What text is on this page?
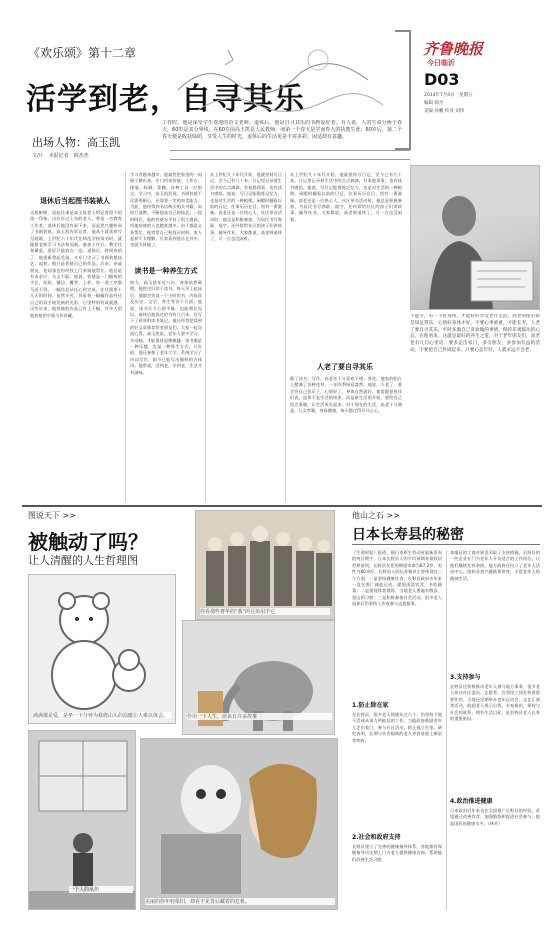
《欢乐颂》第十二章
活学到老，自寻其乐
齐鲁晚报
今日临沂
D03
2014年7月4日　星期五
编辑 韩杰
美编 孙鹏 校对 刘伟
出场人物：高玉凯
文/片　本报记者　韩杰杰
工作时，他是深受学生欢迎的语文老师；退休后，他是自寻其乐的书画爱好者。有人说，人的生命分两个春天，60岁是其分界线。在60岁前高玉凯是人民教师，而第一个春天是学而育人的执教生涯；60岁后，第二个春天便是收获绿荫，享受人生的时光，退休后的生活更是丰富多彩，闲适却有意趣。
退休后当起图书装裱人
文质彬彬，说起往事是高玉凯老人给记者留下的第一印象。这位年过七旬的老人，曾是一名教育工作者，退休后他没有闲下来，而是把兴趣转向了书画装裱。高玉凯告诉记者，他从小就喜欢写写画画，上世纪六十年代在师范学校读书时，就跟着老师学习书法和国画。参加工作后，教学任务繁重，爱好只能放在一边。退休后，时间充裕了，他重新拿起毛笔，又专门学习了书画装裱技艺。起初，他只是装裱自己的作品，后来，亲戚朋友、老同事也纷纷找上门来请他帮忙。他总是有求必应，分文不取。他说，装裱是一门细致的手艺，托纸、镶边、覆背、上杆，每一道工序都马虎不得。一幅作品从托心到完成，往往需要十几天的时间。虽然辛苦，但看着一幅幅作品经过自己的双手焕发新的光彩，心里特别有成就感。这些年来，他装裱的作品已有上千幅，许多人把他装裱的字画当作珍藏。
学习者越来越多，他索性把家里的一间屋子腾出来，专门用来装裱。工作台、排笔、棕刷、浆糊，各种工具一应俱全。学习中，高玉凯发现，书画装裱不仅需要耐心，还需要一定的审美能力。为此，他经常到书店购买相关书籍，向同行请教，不断提高自己的技艺。一段时间后，他的装裱水平有了很大提高，找他装裱的人也越来越多。由于都是义务帮忙，他常常自己贴钱买材料。家人起初不太理解，后来看到他乐在其中，也就支持他了。
读书是一种养生方式
如今，高玉凯年近八旬，身体依然硬朗，他把这归功于读书。每天早上起床后，他都会先读一个小时的书，内容涉及历史、文学、养生等各个方面。他说，读书让人心情平静，也能增长见识。退休后他读过的书有几百本，还写下了厚厚的读书笔记。他还经常把读到的好文章推荐给老朋友们，大家一起交流心得。高玉凯说，老年人要多学习，多动脑，才能保持思维敏捷。读书既是一种乐趣，也是一种养生方式。几年前，他还参加了老年大学，系统学习了诗词写作，如今已能写出像样的古体诗。他常说，活到老，学到老，生活才有滋味。
从上世纪九十年代开始，他就坚持写日记，至今已有几十本。日记里记录着生活中的点点滴滴，有家庭琐事，也有读书感悟。他说，写日记能锻炼记忆力，也是对生活的一种梳理。闲暇时翻看以前的日记，往事历历在目，别有一番滋味。高老还是一位热心人，社区举办活动时，他总是积极参加，为居民书写春联、福字，还经常给社区的孩子们讲故事，辅导作业。大家都说，高老师退休了，可一点也没闲着。
人老了要自寻其乐
除了读书、写作，高老还十分喜欢下棋、养花。他家的阳台上摆满了各种花草，一年四季绿意盎然。他说，人老了，要学会自己找乐子，心情好了，身体自然就好。他常跟老伙伴们说，退休不是生活的结束，而是新生活的开始，要给自己找点事做，让生活充实起来。对于现在的生活，高老十分满意，儿女孝顺，身体健康，每天都过得开开心心。
从上世纪九十年代开始，他就坚持写日记，至今已有几十本。日记里记录着生活中的点点滴滴，有家庭琐事，也有读书感悟。他说，写日记能锻炼记忆力，也是对生活的一种梳理。闲暇时翻看以前的日记，往事历历在目，别有一番滋味。高老还是一位热心人，社区举办活动时，他总是积极参加，为居民书写春联、福字，还经常给社区的孩子们讲故事，辅导作业。大家都说，高老师退休了，可一点也没闲着。
不能少，有一个好身体，才能好好享受老年生活。高老的座右铭是知足常乐，心情好身体才好，不要心事重重，才能长寿。人老了要自寻其乐，平时多做自己喜欢做的事情，保持乐观豁达的心态，在他看来，这就是最好的养生之道。对于老年朋友们，高老也有几句心里话：要多走出家门，多交朋友，多参加有益的活动，不要把自己封闭起来。只要心态年轻，人就永远不会老。
图说天下 >>
被触动了吗？
让人清醒的人生哲理图
你看那些奢华的“我”的兄弟用手它
满满都是爱，是坐一下分钟为我爬山头的温暖让人难以体会。	作用一下人生，应该有许多故事
一个人的承担
美丽的你年轻依旧，却看不见背后藏着的危机。
他山之石 >>
日本长寿县的秘密
《生命时报》报道，据日本厚生劳动省最新发布的统计数字，日本长野县人的平均预期寿命跃居世界前列，长野县女性的期望寿命为87.2岁，男性为80.9岁。长野县人的长寿秘诀主要体现在三个方面：一是坚持健康饮食，长野县政府多年来一直在推广减盐运动，提倡清淡饮食，多吃蔬菜；二是重视体育锻炼，当地老人普遍有散步、登山的习惯；三是积极参加社会活动，很多老人退休后仍坚持工作或参与志愿服务。
1.防止除在家
在长野县，很多老人即使年过八十，仍坚持下地干活或从事力所能及的工作。当地政府鼓励老年人走出家门，参与社区活动，防止孤立在家。研究表明，长期与社会隔离的老人更容易患上痴呆等疾病。
2.社会和政府支持
长野县建立了完善的健康指导体系，各地都有保健指导员定期上门为老人提供健康咨询，帮助他们改善生活习惯。
效地区的工商业界也采取了支持措施。长野县的一些企业专门为老年人开设适合的工作岗位，让他们继续发挥余热。地方政府还设立了老年人活动中心，组织各类兴趣班和讲座，丰富老年人的精神生活。
3.支持参与
长野县还积极推动老年人参与地方事务，很多老人担任社区委员、志愿者，在邻里之间发挥着重要作用。当地还定期举办老年运动会、文艺汇演等活动，鼓励老人展示自我。专家指出，保持与社会的联系、拥有生活目标，是长野县老人长寿的重要原因。
4.政治推进健康
日本政府近年来也在全国推广长野县的经验，希望通过改善饮食、加强锻炼和促进社会参与，提高国民的健康水平。（林芳）
